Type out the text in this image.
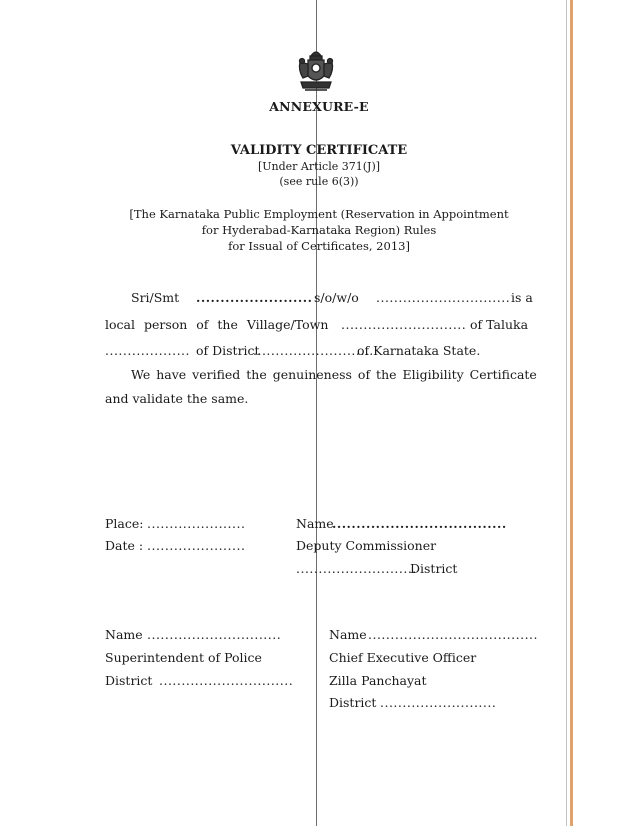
ANNEXURE-E
VALIDITY CERTIFICATE
[Under Article 371(J)]
(see rule 6(3))
[The Karnataka Public Employment (Reservation in Appointment
for Hyderabad-Karnataka Region) Rules
for Issual of Certificates, 2013]
Sri/Smt ........................ s/o/w/o .............................. is a
local person of the Village/Town ............................ of Taluka
................... of District
...........................
of Karnataka State.
We have verified the genuineness of the Eligibility Certificate
and validate the same.
Place: ......................
Date : ......................
Name
....................................
Deputy Commissioner
...........................
District
Name ..............................
Superintendent of Police
District ..............................
Name ......................................
Chief Executive Officer
Zilla Panchayat
District ..........................
